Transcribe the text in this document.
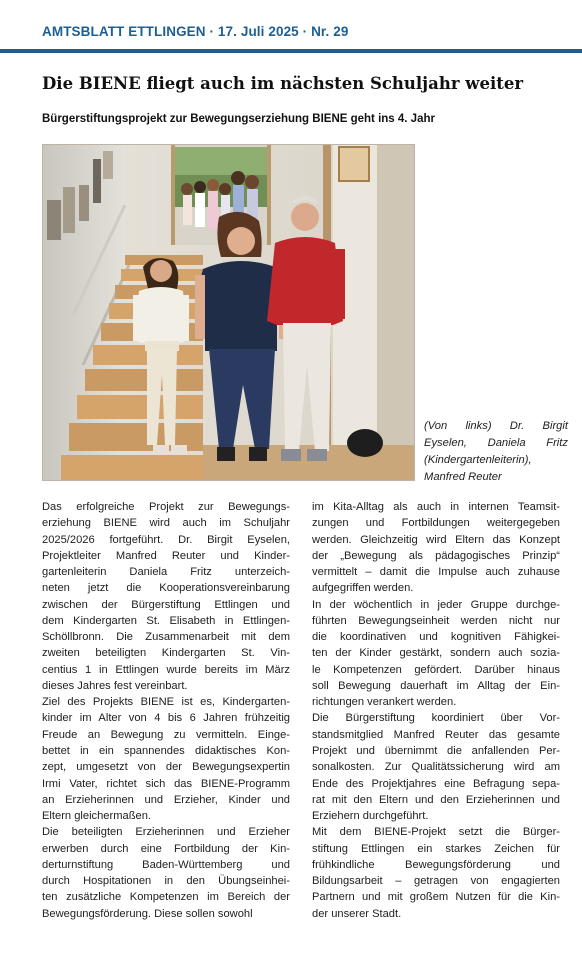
AMTSBLATT ETTLINGEN · 17. Juli 2025 · Nr. 29
Die BIENE fliegt auch im nächsten Schuljahr weiter
Bürgerstiftungsprojekt zur Bewegungserziehung BIENE geht ins 4. Jahr
(Von links) Dr. Birgit
Eyselen, Daniela Fritz
(Kindergartenleiterin),
Manfred Reuter
Das erfolgreiche Projekt zur Bewegungs-
erziehung BIENE wird auch im Schuljahr
2025/2026 fortgeführt. Dr. Birgit Eyselen,
Projektleiter Manfred Reuter und Kinder-
gartenleiterin Daniela Fritz unterzeich-
neten jetzt die Kooperationsvereinbarung
zwischen der Bürgerstiftung Ettlingen und
dem Kindergarten St. Elisabeth in Ettlingen-
Schöllbronn. Die Zusammenarbeit mit dem
zweiten beteiligten Kindergarten St. Vin-
centius 1 in Ettlingen wurde bereits im März
dieses Jahres fest vereinbart.
Ziel des Projekts BIENE ist es, Kindergarten-
kinder im Alter von 4 bis 6 Jahren frühzeitig
Freude an Bewegung zu vermitteln. Einge-
bettet in ein spannendes didaktisches Kon-
zept, umgesetzt von der Bewegungsexpertin
Irmi Vater, richtet sich das BIENE-Programm
an Erzieherinnen und Erzieher, Kinder und
Eltern gleichermaßen.
Die beteiligten Erzieherinnen und Erzieher
erwerben durch eine Fortbildung der Kin-
derturnstiftung Baden-Württemberg und
durch Hospitationen in den Übungseinhei-
ten zusätzliche Kompetenzen im Bereich der
Bewegungsförderung. Diese sollen sowohl
im Kita-Alltag als auch in internen Teamsit-
zungen und Fortbildungen weitergegeben
werden. Gleichzeitig wird Eltern das Konzept
der „Bewegung als pädagogisches Prinzip“
vermittelt – damit die Impulse auch zuhause
aufgegriffen werden.
In der wöchentlich in jeder Gruppe durchge-
führten Bewegungseinheit werden nicht nur
die koordinativen und kognitiven Fähigkei-
ten der Kinder gestärkt, sondern auch sozia-
le Kompetenzen gefördert. Darüber hinaus
soll Bewegung dauerhaft im Alltag der Ein-
richtungen verankert werden.
Die Bürgerstiftung koordiniert über Vor-
standsmitglied Manfred Reuter das gesamte
Projekt und übernimmt die anfallenden Per-
sonalkosten. Zur Qualitätssicherung wird am
Ende des Projektjahres eine Befragung sepa-
rat mit den Eltern und den Erzieherinnen und
Erziehern durchgeführt.
Mit dem BIENE-Projekt setzt die Bürger-
stiftung Ettlingen ein starkes Zeichen für
frühkindliche Bewegungsförderung und
Bildungsarbeit – getragen von engagierten
Partnern und mit großem Nutzen für die Kin-
der unserer Stadt.
